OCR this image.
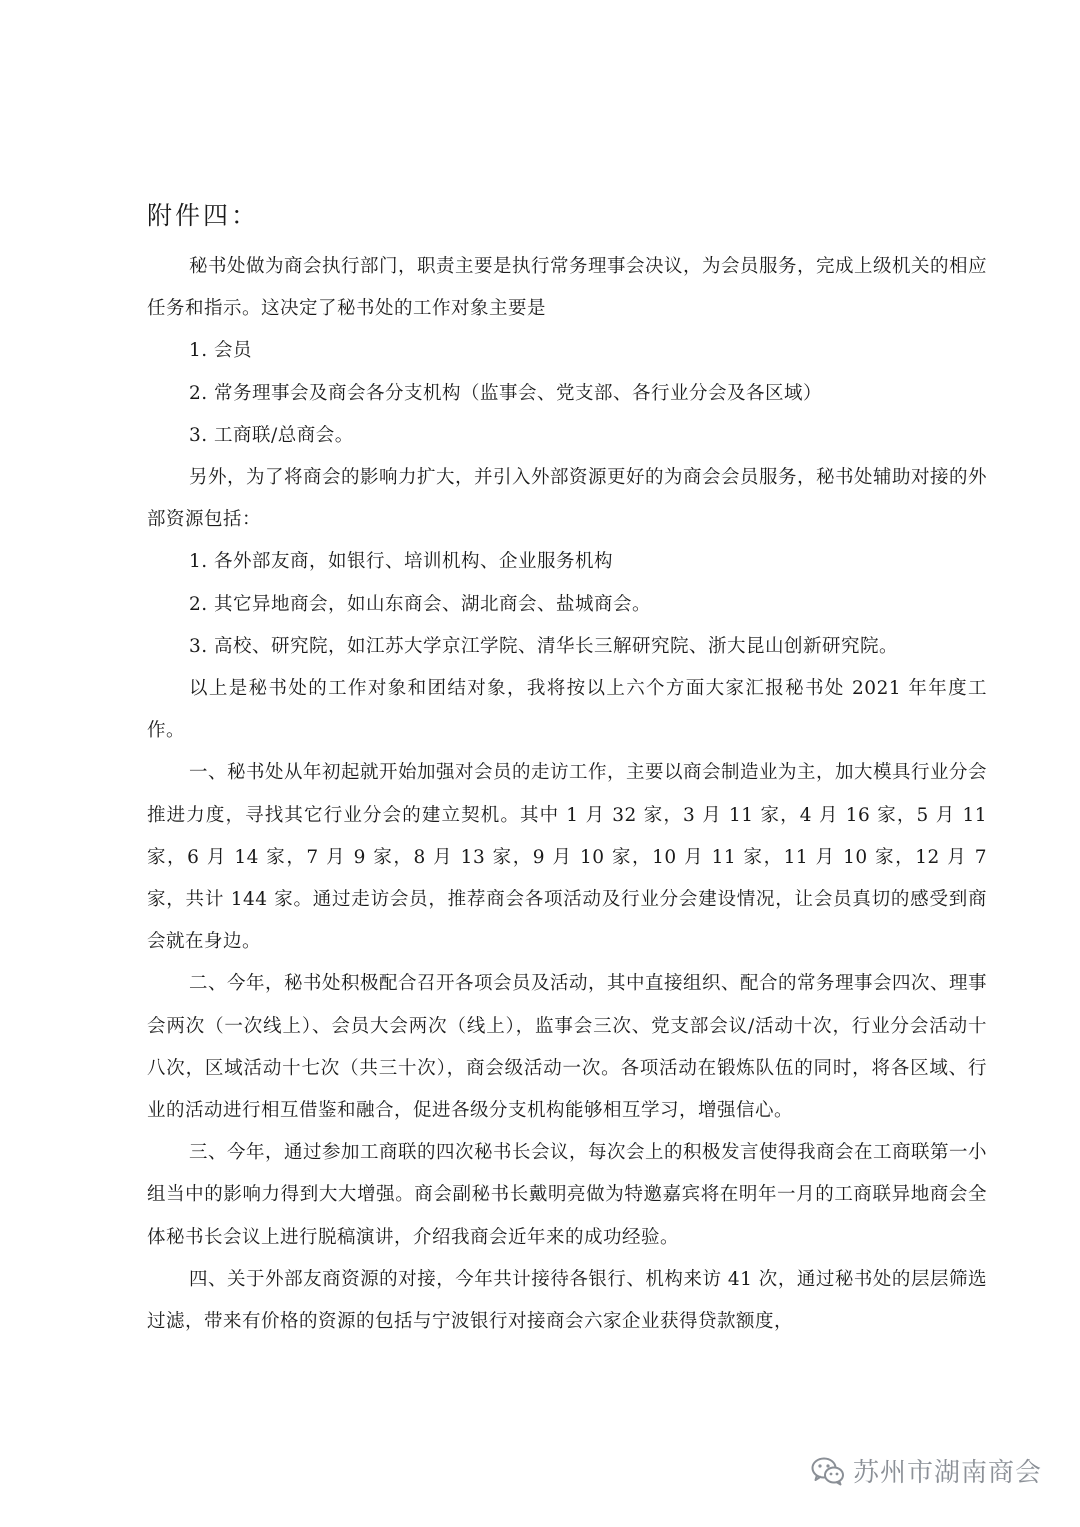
附件四：

秘书处做为商会执行部门，职责主要是执行常务理事会决议，为会员服务，完成上级机关的相应任务和指示。这决定了秘书处的工作对象主要是

1. 会员

2. 常务理事会及商会各分支机构（监事会、党支部、各行业分会及各区域）

3. 工商联/总商会。

另外，为了将商会的影响力扩大，并引入外部资源更好的为商会会员服务，秘书处辅助对接的外部资源包括：

1. 各外部友商，如银行、培训机构、企业服务机构

2. 其它异地商会，如山东商会、湖北商会、盐城商会。

3. 高校、研究院，如江苏大学京江学院、清华长三解研究院、浙大昆山创新研究院。

以上是秘书处的工作对象和团结对象，我将按以上六个方面大家汇报秘书处 2021 年年度工作。

一、秘书处从年初起就开始加强对会员的走访工作，主要以商会制造业为主，加大模具行业分会推进力度，寻找其它行业分会的建立契机。其中 1 月 32 家，3 月 11 家，4 月 16 家，5 月 11 家，6 月 14 家，7 月 9 家，8 月 13 家，9 月 10 家，10 月 11 家，11 月 10 家，12 月 7 家，共计 144 家。通过走访会员，推荐商会各项活动及行业分会建设情况，让会员真切的感受到商会就在身边。

二、今年，秘书处积极配合召开各项会员及活动，其中直接组织、配合的常务理事会四次、理事会两次（一次线上）、会员大会两次（线上），监事会三次、党支部会议/活动十次，行业分会活动十八次，区域活动十七次（共三十次），商会级活动一次。各项活动在锻炼队伍的同时，将各区域、行业的活动进行相互借鉴和融合，促进各级分支机构能够相互学习，增强信心。

三、今年，通过参加工商联的四次秘书长会议，每次会上的积极发言使得我商会在工商联第一小组当中的影响力得到大大增强。商会副秘书长戴明亮做为特邀嘉宾将在明年一月的工商联异地商会全体秘书长会议上进行脱稿演讲，介绍我商会近年来的成功经验。

四、关于外部友商资源的对接，今年共计接待各银行、机构来访 41 次，通过秘书处的层层筛选过滤，带来有价格的资源的包括与宁波银行对接商会六家企业获得贷款额度，

苏州市湖南商会
